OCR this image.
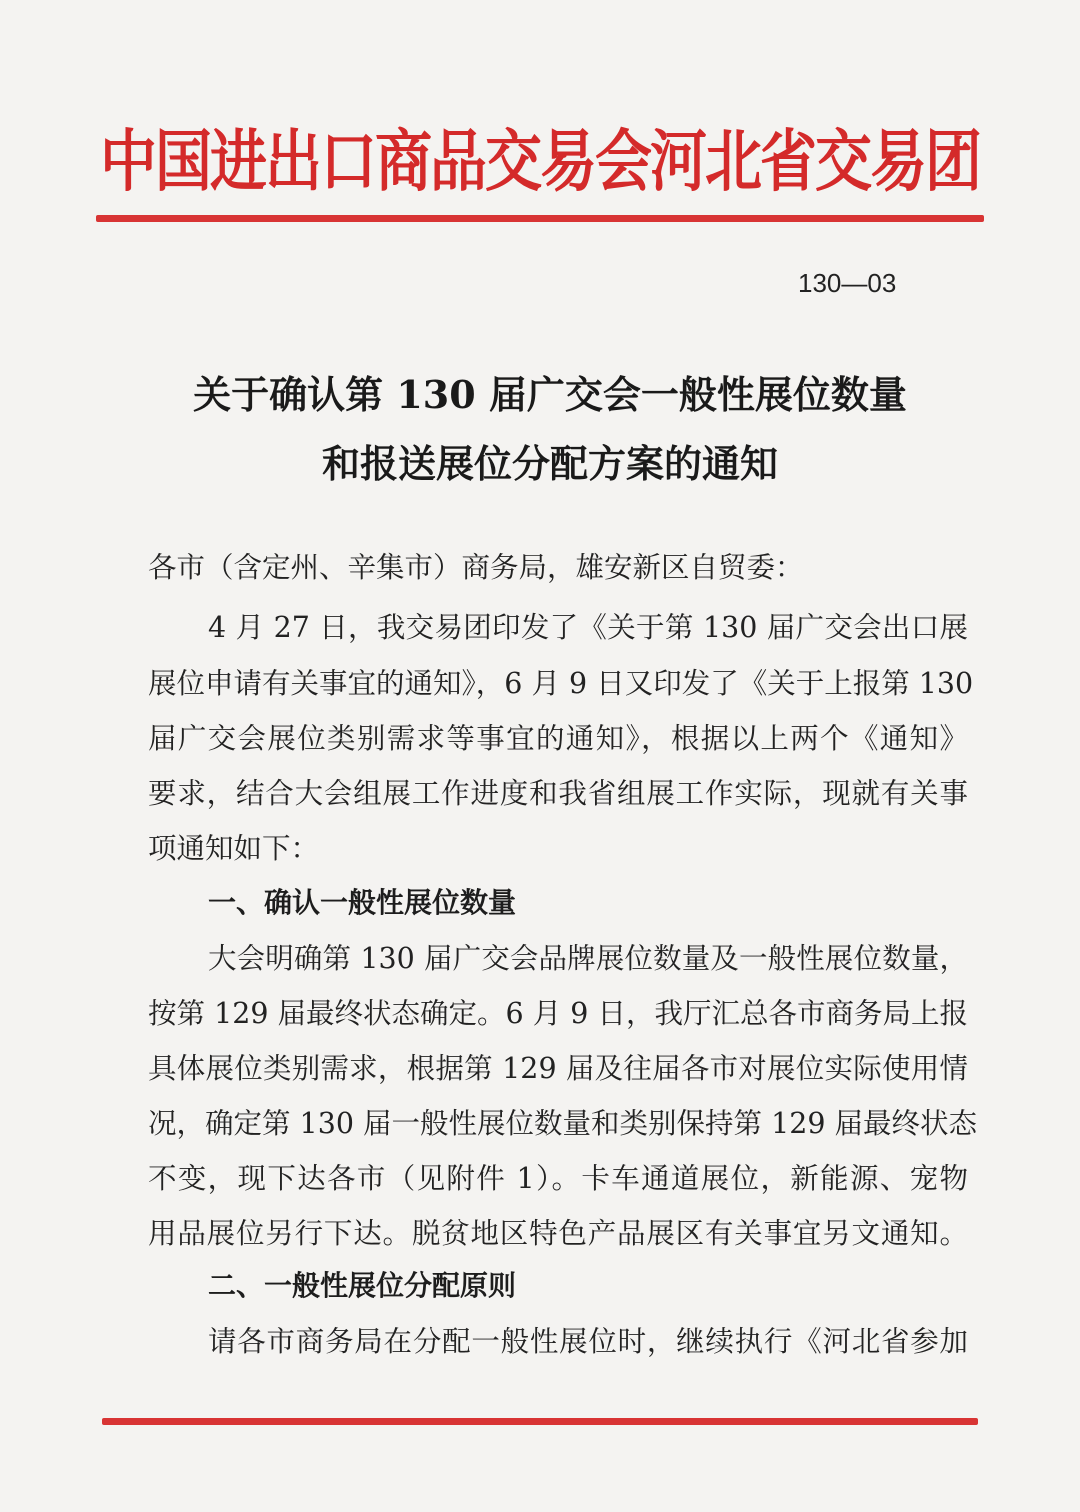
中国进出口商品交易会河北省交易团
130—03
关于确认第 130 届广交会一般性展位数量
和报送展位分配方案的通知
各市（含定州、辛集市）商务局，雄安新区自贸委：
4 月 27 日，我交易团印发了《关于第 130 届广交会出口展
展位申请有关事宜的通知》，6 月 9 日又印发了《关于上报第 130
届广交会展位类别需求等事宜的通知》，根据以上两个《通知》
要求，结合大会组展工作进度和我省组展工作实际，现就有关事
项通知如下：
一、确认一般性展位数量
大会明确第 130 届广交会品牌展位数量及一般性展位数量，
按第 129 届最终状态确定。6 月 9 日，我厅汇总各市商务局上报
具体展位类别需求，根据第 129 届及往届各市对展位实际使用情
况，确定第 130 届一般性展位数量和类别保持第 129 届最终状态
不变，现下达各市（见附件 1）。卡车通道展位，新能源、宠物
用品展位另行下达。脱贫地区特色产品展区有关事宜另文通知。
二、一般性展位分配原则
请各市商务局在分配一般性展位时，继续执行《河北省参加
